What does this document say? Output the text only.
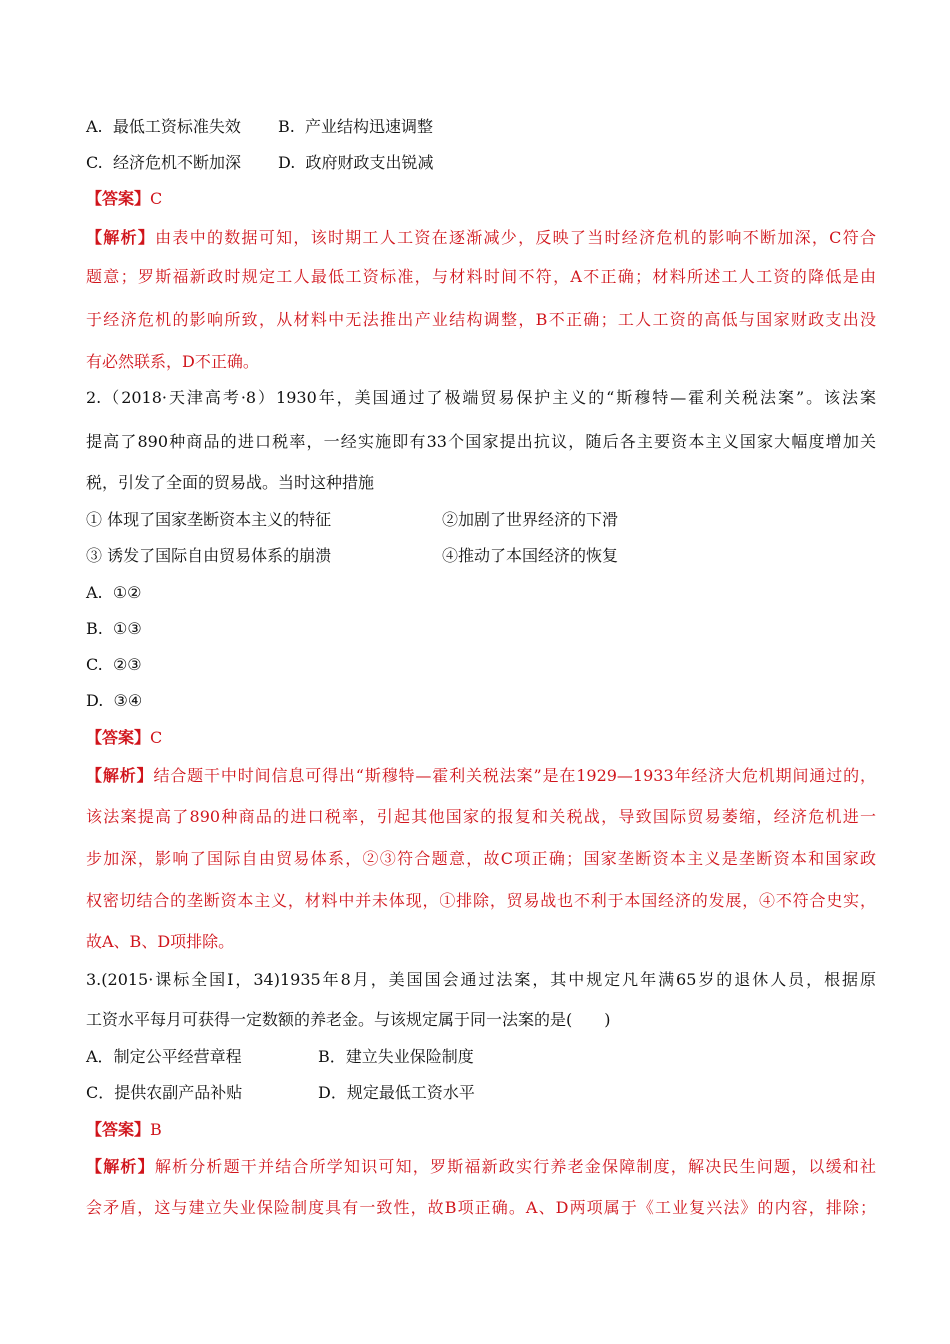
A. 最低工资标准失效 B. 产业结构迅速调整
C. 经济危机不断加深 D. 政府财政支出锐减
【答案】C
【解析】由表中的数据可知，该时期工人工资在逐渐减少，反映了当时经济危机的影响不断加深，C符合
题意；罗斯福新政时规定工人最低工资标准，与材料时间不符，A不正确；材料所述工人工资的降低是由
于经济危机的影响所致，从材料中无法推出产业结构调整，B不正确；工人工资的高低与国家财政支出没
有必然联系，D不正确。
2.（2018·天津高考·8）1930年，美国通过了极端贸易保护主义的“斯穆特—霍利关税法案”。该法案
提高了890种商品的进口税率，一经实施即有33个国家提出抗议，随后各主要资本主义国家大幅度增加关
税，引发了全面的贸易战。当时这种措施
① 体现了国家垄断资本主义的特征	②加剧了世界经济的下滑
③ 诱发了国际自由贸易体系的崩溃	④推动了本国经济的恢复
A. ①②
B. ①③
C. ②③
D. ③④
【答案】C
【解析】结合题干中时间信息可得出“斯穆特—霍利关税法案”是在1929—1933年经济大危机期间通过的，
该法案提高了890种商品的进口税率，引起其他国家的报复和关税战，导致国际贸易萎缩，经济危机进一
步加深，影响了国际自由贸易体系，②③符合题意，故C项正确；国家垄断资本主义是垄断资本和国家政
权密切结合的垄断资本主义，材料中并未体现，①排除，贸易战也不利于本国经济的发展，④不符合史实，
故A、B、D项排除。
3.(2015·课标全国Ⅰ，34)1935年8月，美国国会通过法案，其中规定凡年满65岁的退休人员，根据原
工资水平每月可获得一定数额的养老金。与该规定属于同一法案的是(　　)
A．制定公平经营章程	B．建立失业保险制度
C．提供农副产品补贴	D．规定最低工资水平
【答案】B
【解析】解析分析题干并结合所学知识可知，罗斯福新政实行养老金保障制度，解决民生问题，以缓和社
会矛盾，这与建立失业保险制度具有一致性，故B项正确。A、D两项属于《工业复兴法》的内容，排除；
